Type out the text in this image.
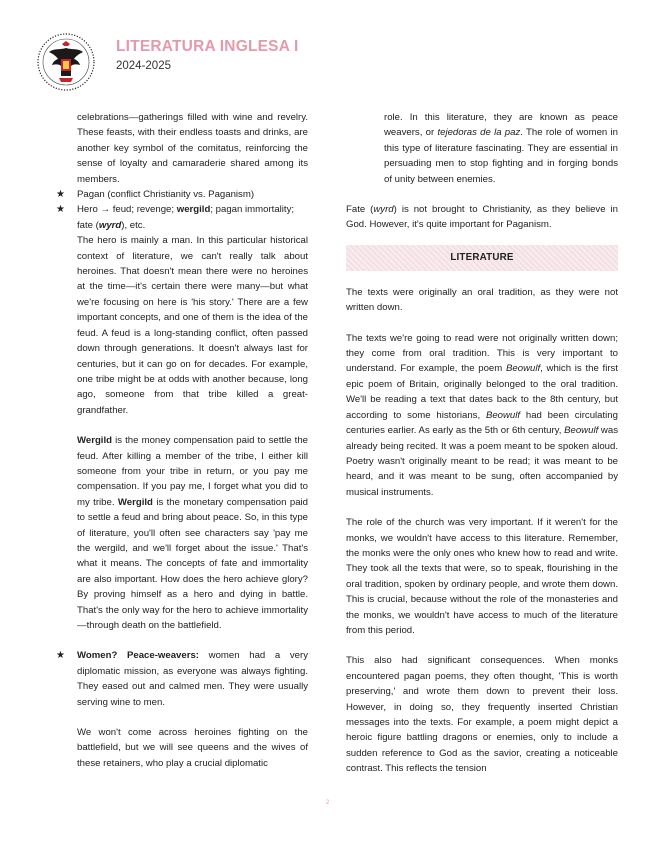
LITERATURA INGLESA I
2024-2025

celebrations—gatherings filled with wine and revelry. These feasts, with their endless toasts and drinks, are another key symbol of the comitatus, reinforcing the sense of loyalty and camaraderie shared among its members.

★ Pagan (conflict Christianity vs. Paganism)
★ Hero → feud; revenge; wergild; pagan immortality; fate (wyrd), etc.

The hero is mainly a man. In this particular historical context of literature, we can't really talk about heroines. That doesn't mean there were no heroines at the time—it's certain there were many—but what we're focusing on here is 'his story.' There are a few important concepts, and one of them is the idea of the feud. A feud is a long-standing conflict, often passed down through generations. It doesn't always last for centuries, but it can go on for decades. For example, one tribe might be at odds with another because, long ago, someone from that tribe killed a great-grandfather.

Wergild is the money compensation paid to settle the feud. After killing a member of the tribe, I either kill someone from your tribe in return, or you pay me compensation. If you pay me, I forget what you did to my tribe. Wergild is the monetary compensation paid to settle a feud and bring about peace. So, in this type of literature, you'll often see characters say 'pay me the wergild, and we'll forget about the issue.' That's what it means. The concepts of fate and immortality are also important. How does the hero achieve glory? By proving himself as a hero and dying in battle. That's the only way for the hero to achieve immortality—through death on the battlefield.

★ Women? Peace-weavers: women had a very diplomatic mission, as everyone was always fighting. They eased out and calmed men. They were usually serving wine to men.

We won't come across heroines fighting on the battlefield, but we will see queens and the wives of these retainers, who play a crucial diplomatic

role. In this literature, they are known as peace weavers, or tejedoras de la paz. The role of women in this type of literature fascinating. They are essential in persuading men to stop fighting and in forging bonds of unity between enemies.

Fate (wyrd) is not brought to Christianity, as they believe in God. However, it's quite important for Paganism.

LITERATURE

The texts were originally an oral tradition, as they were not written down.

The texts we're going to read were not originally written down; they come from oral tradition. This is very important to understand. For example, the poem Beowulf, which is the first epic poem of Britain, originally belonged to the oral tradition. We'll be reading a text that dates back to the 8th century, but according to some historians, Beowulf had been circulating centuries earlier. As early as the 5th or 6th century, Beowulf was already being recited. It was a poem meant to be spoken aloud. Poetry wasn't originally meant to be read; it was meant to be heard, and it was meant to be sung, often accompanied by musical instruments.

The role of the church was very important. If it weren't for the monks, we wouldn't have access to this literature. Remember, the monks were the only ones who knew how to read and write. They took all the texts that were, so to speak, flourishing in the oral tradition, spoken by ordinary people, and wrote them down. This is crucial, because without the role of the monasteries and the monks, we wouldn't have access to much of the literature from this period.

This also had significant consequences. When monks encountered pagan poems, they often thought, 'This is worth preserving,' and wrote them down to prevent their loss. However, in doing so, they frequently inserted Christian messages into the texts. For example, a poem might depict a heroic figure battling dragons or enemies, only to include a sudden reference to God as the savior, creating a noticeable contrast. This reflects the tension

2
